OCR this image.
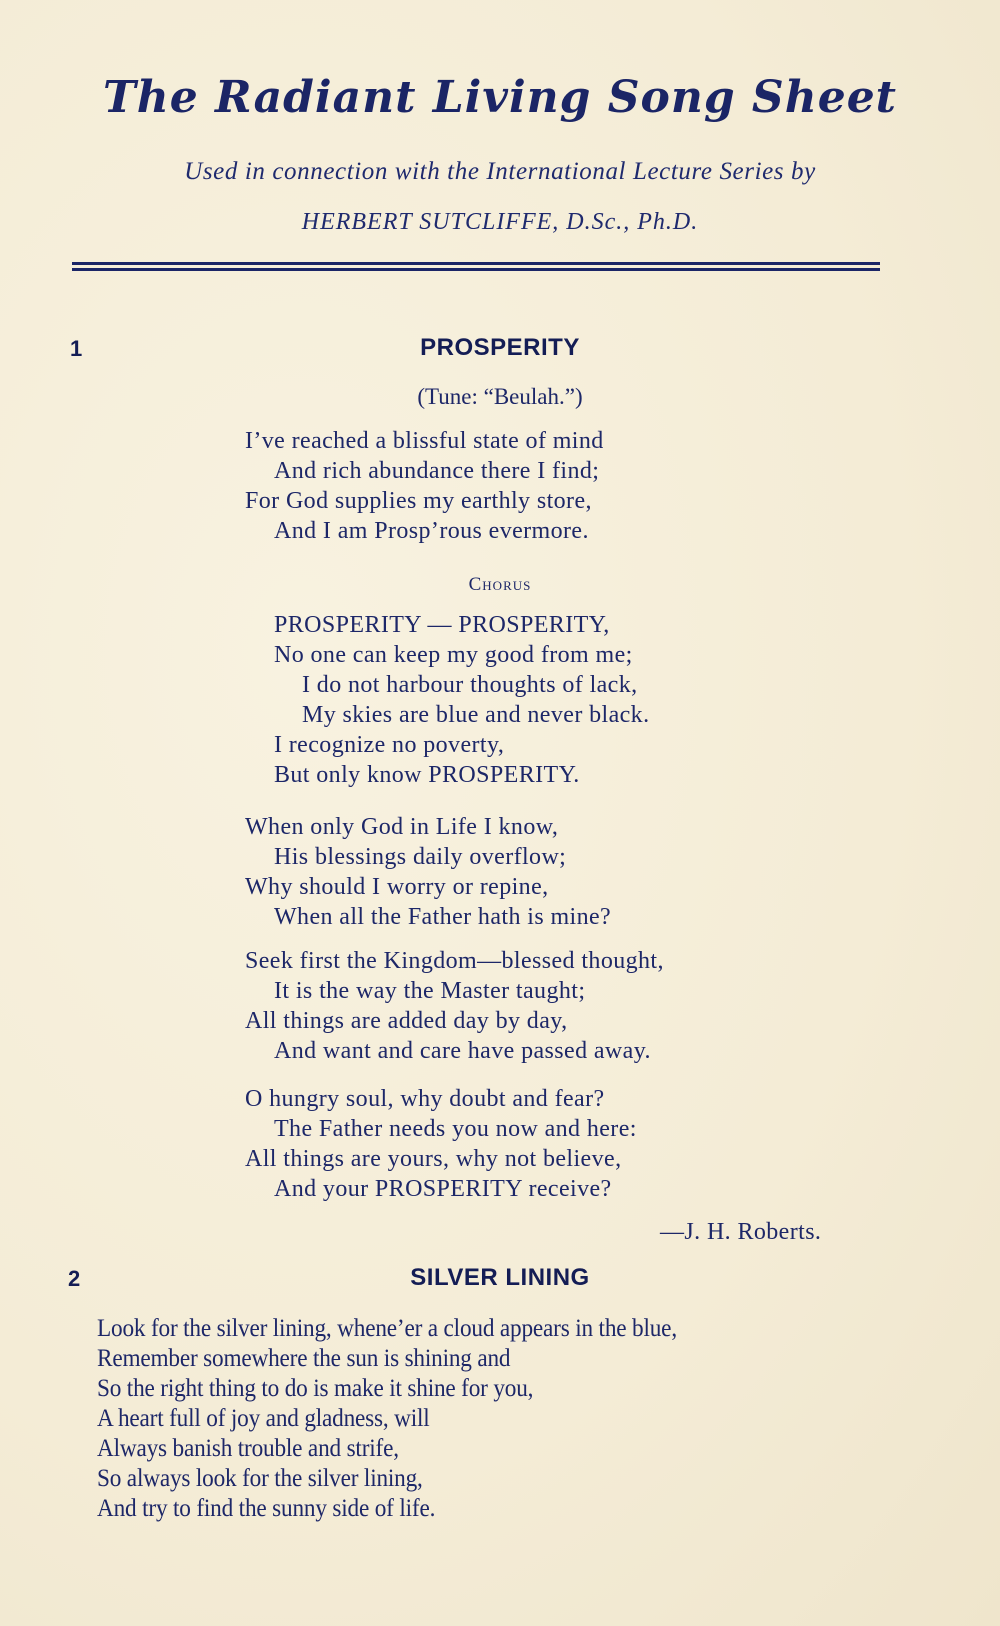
The Radiant Living Song Sheet
Used in connection with the International Lecture Series by
HERBERT SUTCLIFFE, D.Sc., Ph.D.
1	PROSPERITY
(Tune: “Beulah.”)
I’ve reached a blissful state of mind
And rich abundance there I find;
For God supplies my earthly store,
And I am Prosp’rous evermore.
Chorus
PROSPERITY — PROSPERITY,
No one can keep my good from me;
I do not harbour thoughts of lack,
My skies are blue and never black.
I recognize no poverty,
But only know PROSPERITY.
When only God in Life I know,
His blessings daily overflow;
Why should I worry or repine,
When all the Father hath is mine?
Seek first the Kingdom—blessed thought,
It is the way the Master taught;
All things are added day by day,
And want and care have passed away.
O hungry soul, why doubt and fear?
The Father needs you now and here:
All things are yours, why not believe,
And your PROSPERITY receive?
—J. H. Roberts.
2	SILVER LINING
Look for the silver lining, whene’er a cloud appears in the blue,
Remember somewhere the sun is shining and
So the right thing to do is make it shine for you,
A heart full of joy and gladness, will
Always banish trouble and strife,
So always look for the silver lining,
And try to find the sunny side of life.
